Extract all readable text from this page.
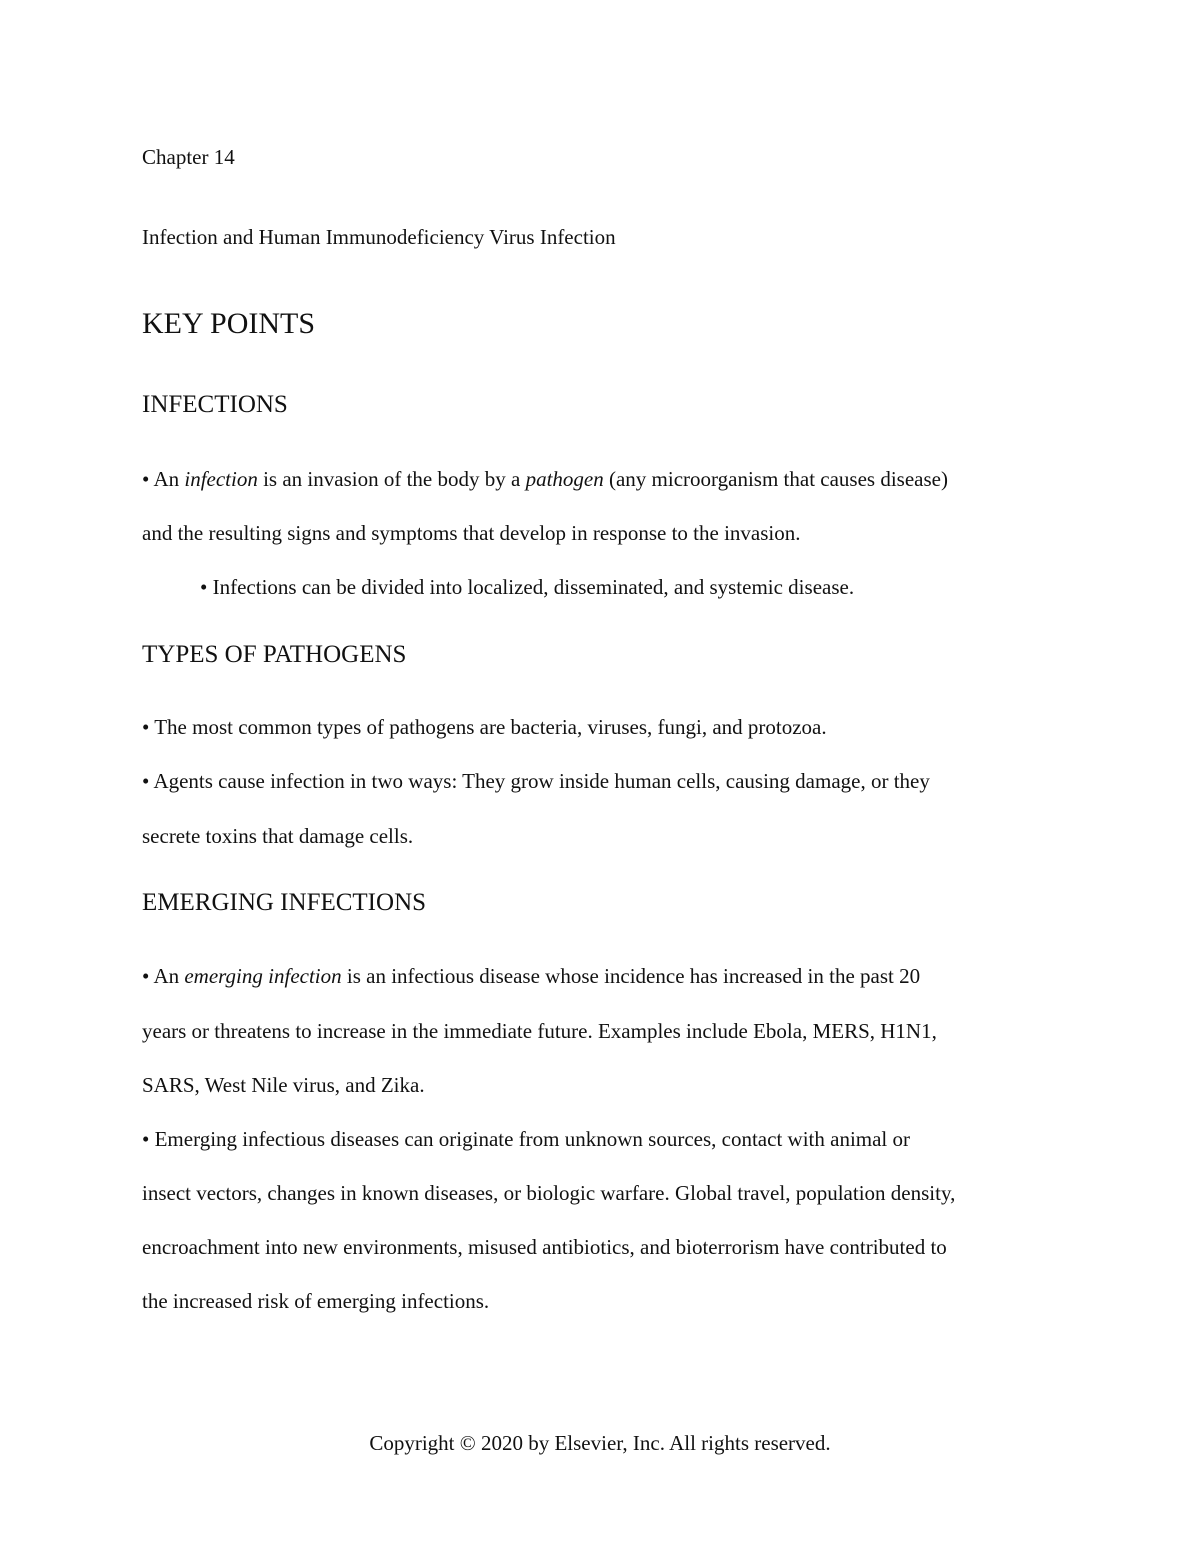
Chapter 14
Infection and Human Immunodeficiency Virus Infection
KEY POINTS
INFECTIONS
• An infection is an invasion of the body by a pathogen (any microorganism that causes disease)
and the resulting signs and symptoms that develop in response to the invasion.
• Infections can be divided into localized, disseminated, and systemic disease.
TYPES OF PATHOGENS
• The most common types of pathogens are bacteria, viruses, fungi, and protozoa.
• Agents cause infection in two ways: They grow inside human cells, causing damage, or they
secrete toxins that damage cells.
EMERGING INFECTIONS
• An emerging infection is an infectious disease whose incidence has increased in the past 20
years or threatens to increase in the immediate future. Examples include Ebola, MERS, H1N1,
SARS, West Nile virus, and Zika.
• Emerging infectious diseases can originate from unknown sources, contact with animal or
insect vectors, changes in known diseases, or biologic warfare. Global travel, population density,
encroachment into new environments, misused antibiotics, and bioterrorism have contributed to
the increased risk of emerging infections.
Copyright © 2020 by Elsevier, Inc. All rights reserved.
